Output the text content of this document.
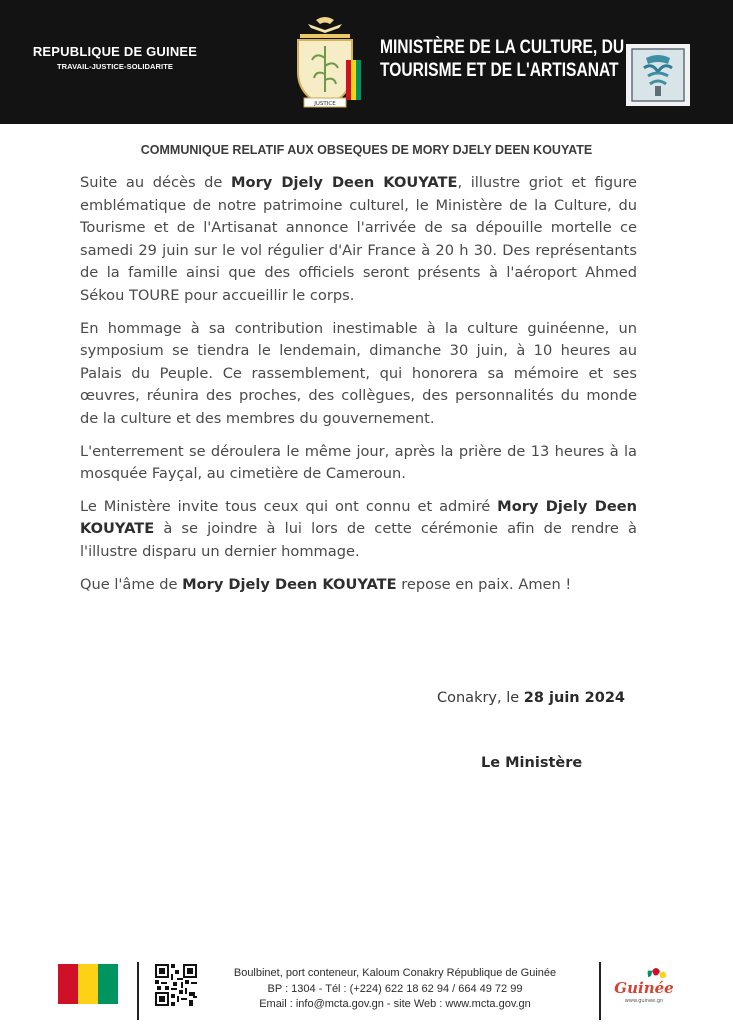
REPUBLIQUE DE GUINEE
TRAVAIL-JUSTICE-SOLIDARITE
JUSTICE
MINISTÈRE DE LA CULTURE, DU
TOURISME ET DE L'ARTISANAT
COMMUNIQUE RELATIF AUX OBSEQUES DE MORY DJELY DEEN KOUYATE

Suite au décès de Mory Djely Deen KOUYATE, illustre griot et figure emblématique de notre patrimoine culturel, le Ministère de la Culture, du Tourisme et de l'Artisanat annonce l'arrivée de sa dépouille mortelle ce samedi 29 juin sur le vol régulier d'Air France à 20 h 30. Des représentants de la famille ainsi que des officiels seront présents à l'aéroport Ahmed Sékou TOURE pour accueillir le corps.

En hommage à sa contribution inestimable à la culture guinéenne, un symposium se tiendra le lendemain, dimanche 30 juin, à 10 heures au Palais du Peuple. Ce rassemblement, qui honorera sa mémoire et ses œuvres, réunira des proches, des collègues, des personnalités du monde de la culture et des membres du gouvernement.

L'enterrement se déroulera le même jour, après la prière de 13 heures à la mosquée Fayçal, au cimetière de Cameroun.

Le Ministère invite tous ceux qui ont connu et admiré Mory Djely Deen KOUYATE à se joindre à lui lors de cette cérémonie afin de rendre à l'illustre disparu un dernier hommage.

Que l'âme de Mory Djely Deen KOUYATE repose en paix. Amen !

Conakry, le 28 juin 2024
Le Ministère
Boulbinet, port conteneur, Kaloum Conakry République de Guinée
BP : 1304 - Tél : (+224) 622 18 62 94 / 664 49 72 99
Email : info@mcta.gov.gn - site Web : www.mcta.gov.gn
Guinée
www.guinee.gn
